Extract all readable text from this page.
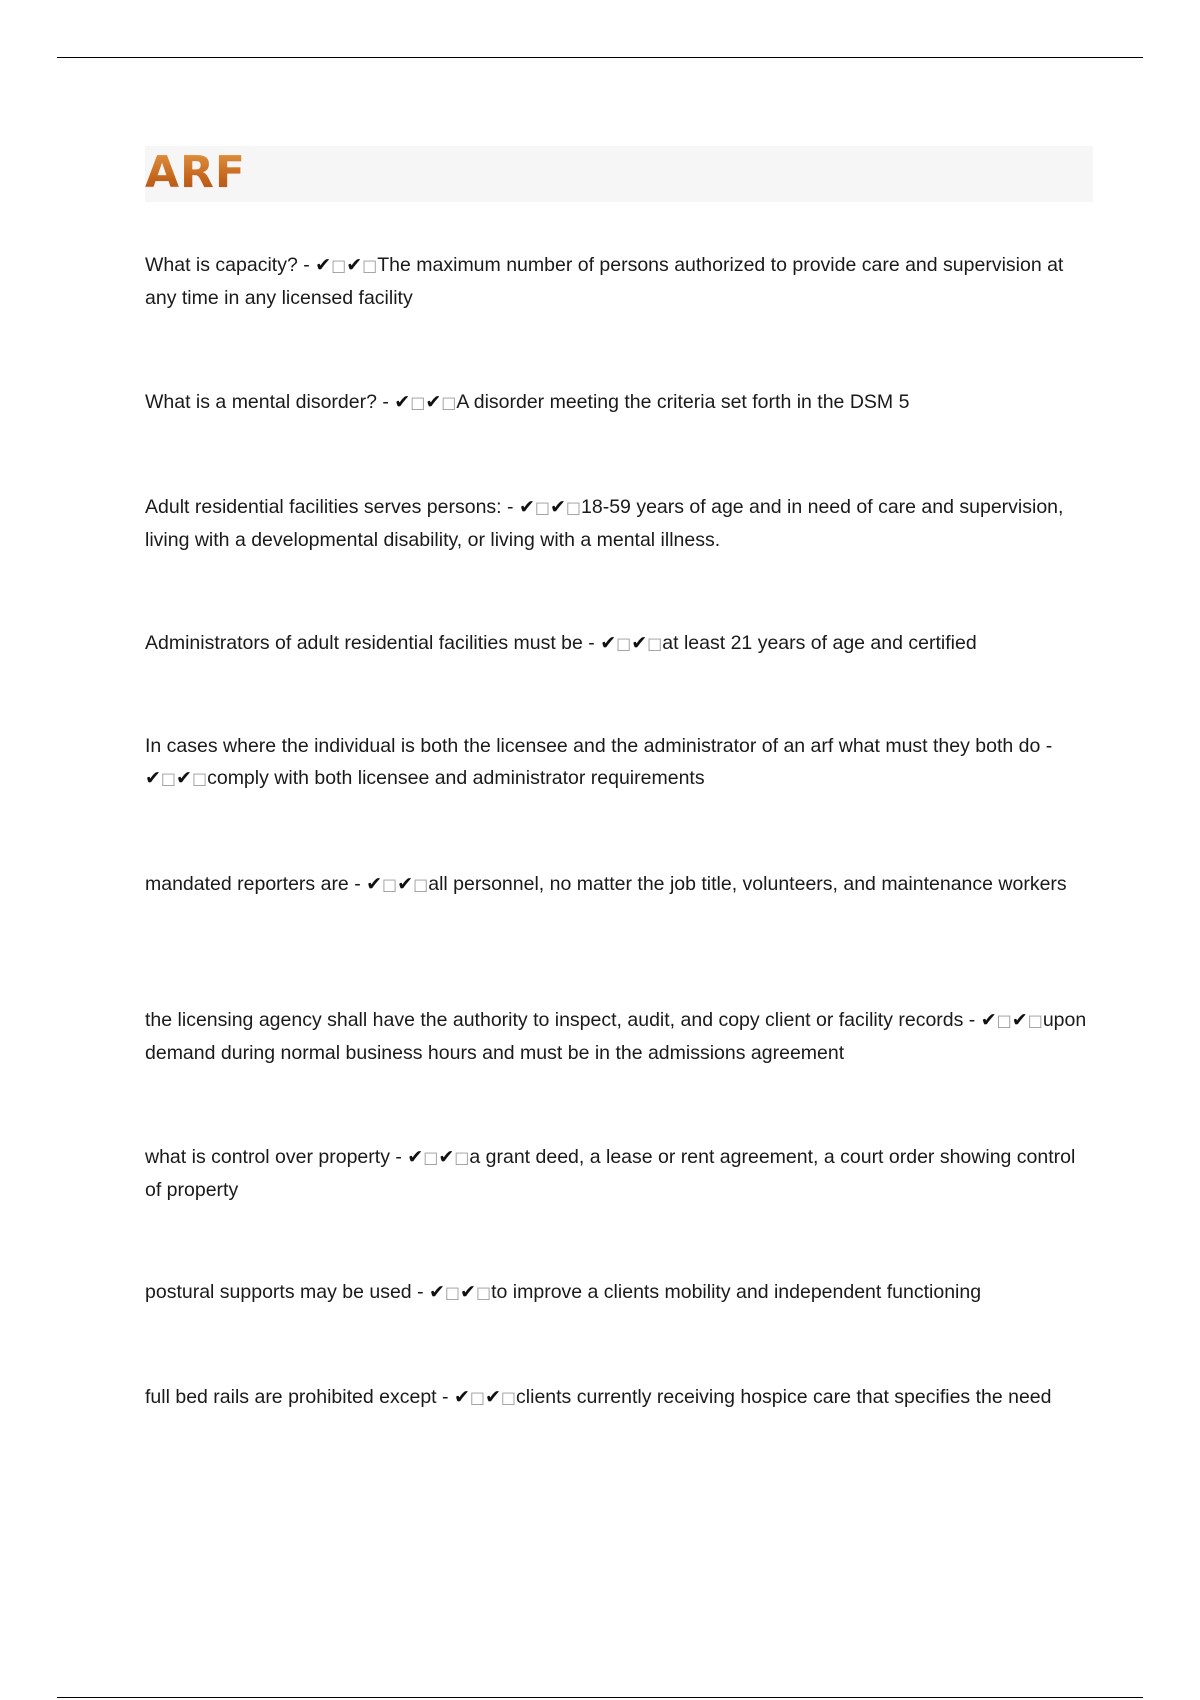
ARF

What is capacity? - ✔□✔□The maximum number of persons authorized to provide care and supervision at any time in any licensed facility

What is a mental disorder? - ✔□✔□A disorder meeting the criteria set forth in the DSM 5

Adult residential facilities serves persons: - ✔□✔□18-59 years of age and in need of care and supervision, living with a developmental disability, or living with a mental illness.

Administrators of adult residential facilities must be - ✔□✔□at least 21 years of age and certified

In cases where the individual is both the licensee and the administrator of an arf what must they both do - ✔□✔□comply with both licensee and administrator requirements

mandated reporters are - ✔□✔□all personnel, no matter the job title, volunteers, and maintenance workers

the licensing agency shall have the authority to inspect, audit, and copy client or facility records - ✔□✔□upon demand during normal business hours and must be in the admissions agreement

what is control over property - ✔□✔□a grant deed, a lease or rent agreement, a court order showing control of property

postural supports may be used - ✔□✔□to improve a clients mobility and independent functioning

full bed rails are prohibited except - ✔□✔□clients currently receiving hospice care that specifies the need
